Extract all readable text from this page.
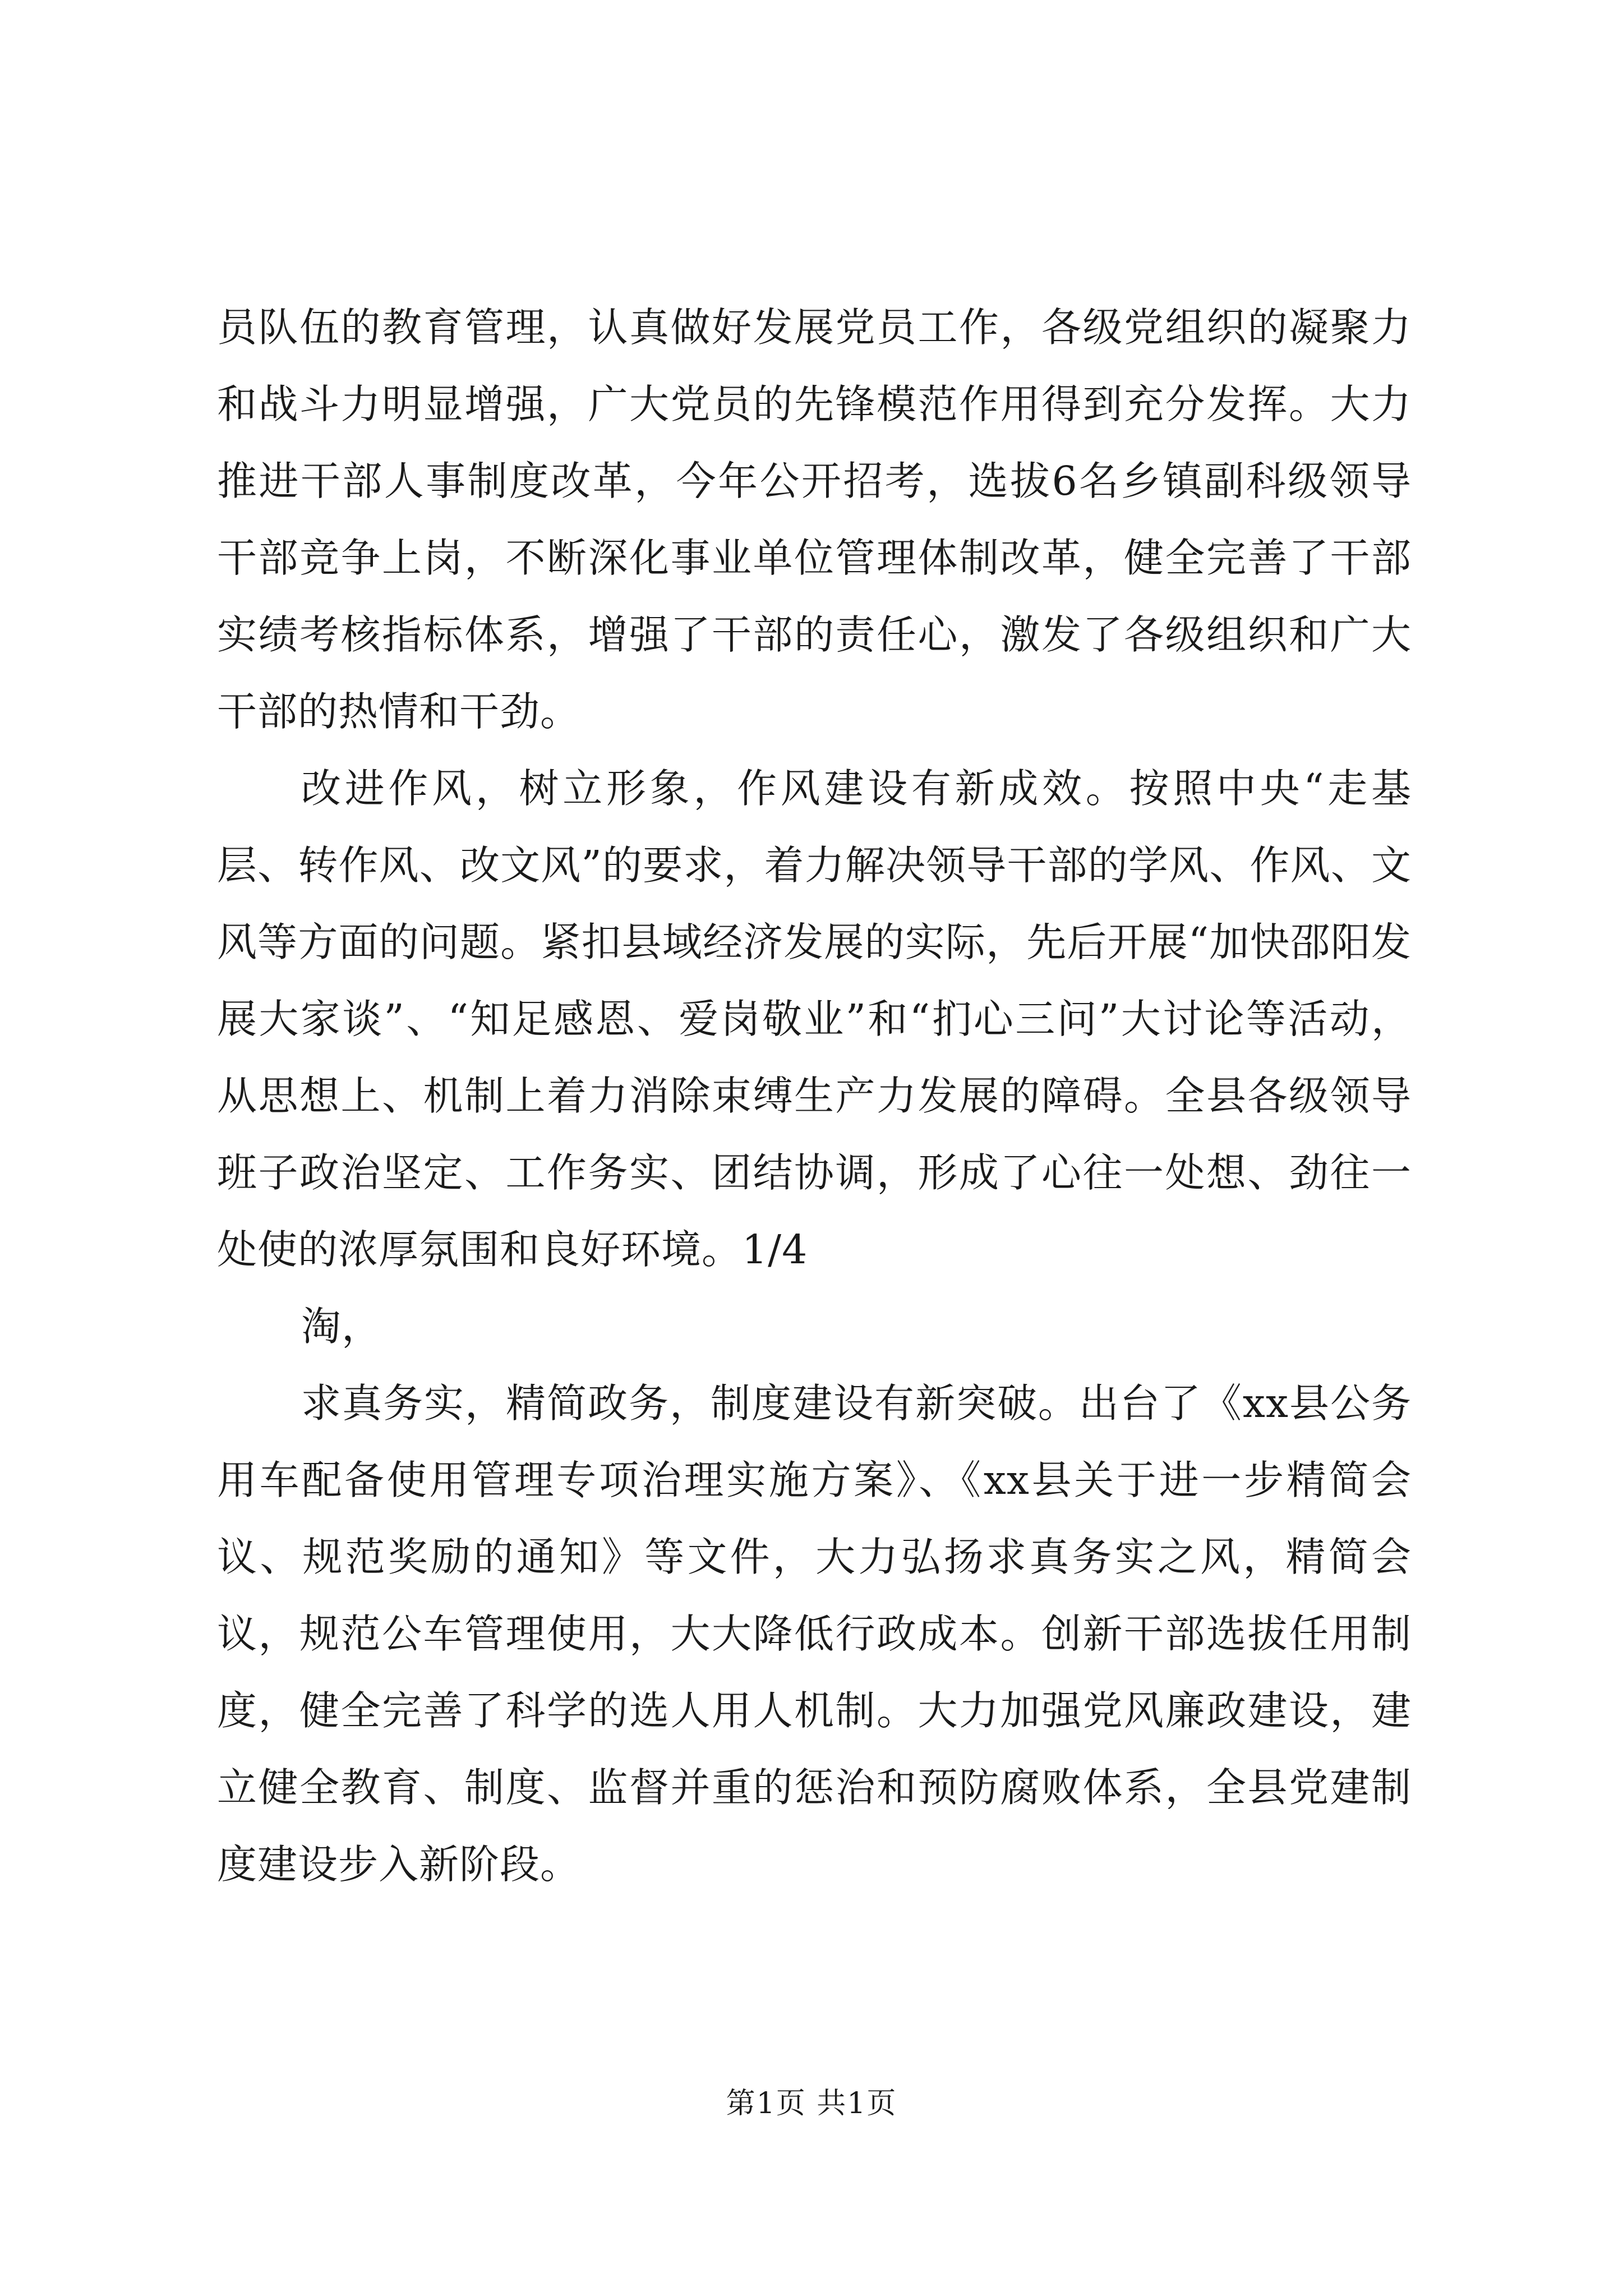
员队伍的教育管理，认真做好发展党员工作，各级党组织的凝聚力和战斗力明显增强，广大党员的先锋模范作用得到充分发挥。大力推进干部人事制度改革，今年公开招考，选拔6名乡镇副科级领导干部竞争上岗，不断深化事业单位管理体制改革，健全完善了干部实绩考核指标体系，增强了干部的责任心，激发了各级组织和广大干部的热情和干劲。

改进作风，树立形象，作风建设有新成效。按照中央“走基层、转作风、改文风”的要求，着力解决领导干部的学风、作风、文风等方面的问题。紧扣县域经济发展的实际，先后开展“加快邵阳发展大家谈”、“知足感恩、爱岗敬业”和“扪心三问”大讨论等活动，从思想上、机制上着力消除束缚生产力发展的障碍。全县各级领导班子政治坚定、工作务实、团结协调，形成了心往一处想、劲往一处使的浓厚氛围和良好环境。1/4

淘，

求真务实，精简政务，制度建设有新突破。出台了《xx县公务用车配备使用管理专项治理实施方案》、《xx县关于进一步精简会议、规范奖励的通知》等文件，大力弘扬求真务实之风，精简会议，规范公车管理使用，大大降低行政成本。创新干部选拔任用制度，健全完善了科学的选人用人机制。大力加强党风廉政建设，建立健全教育、制度、监督并重的惩治和预防腐败体系，全县党建制度建设步入新阶段。

第1页 共1页
